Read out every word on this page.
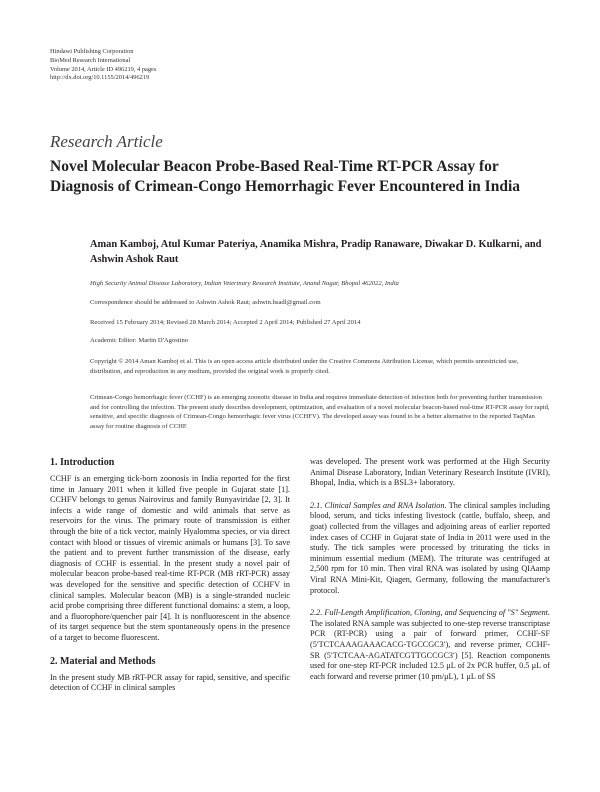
Hindawi Publishing Corporation
BioMed Research International
Volume 2014, Article ID 496219, 4 pages
http://dx.doi.org/10.1155/2014/496219
Research Article
Novel Molecular Beacon Probe-Based Real-Time RT-PCR Assay for Diagnosis of Crimean-Congo Hemorrhagic Fever Encountered in India
Aman Kamboj, Atul Kumar Pateriya, Anamika Mishra, Pradip Ranaware, Diwakar D. Kulkarni, and Ashwin Ashok Raut
High Security Animal Disease Laboratory, Indian Veterinary Research Institute, Anand Nagar, Bhopal 462022, India
Correspondence should be addressed to Ashwin Ashok Raut; ashwin.hsadl@gmail.com
Received 15 February 2014; Revised 28 March 2014; Accepted 2 April 2014; Published 27 April 2014
Academic Editor: Martin D'Agostino
Copyright © 2014 Aman Kamboj et al. This is an open access article distributed under the Creative Commons Attribution License, which permits unrestricted use, distribution, and reproduction in any medium, provided the original work is properly cited.
Crimean-Congo hemorrhagic fever (CCHF) is an emerging zoonotic disease in India and requires immediate detection of infection both for preventing further transmission and for controlling the infection. The present study describes development, optimization, and evaluation of a novel molecular beacon-based real-time RT-PCR assay for rapid, sensitive, and specific diagnosis of Crimean-Congo hemorrhagic fever virus (CCHFV). The developed assay was found to be a better alternative to the reported TaqMan assay for routine diagnosis of CCHF.
1. Introduction

CCHF is an emerging tick-born zoonosis in India reported for the first time in January 2011 when it killed five people in Gujarat state [1]. CCHFV belongs to genus Nairovirus and family Bunyaviridae [2, 3]. It infects a wide range of domestic and wild animals that serve as reservoirs for the virus. The primary route of transmission is either through the bite of a tick vector, mainly Hyalomma species, or via direct contact with blood or tissues of viremic animals or humans [3]. To save the patient and to prevent further transmission of the disease, early diagnosis of CCHF is essential. In the present study a novel pair of molecular beacon probe-based real-time RT-PCR (MB rRT-PCR) assay was developed for the sensitive and specific detection of CCHFV in clinical samples. Molecular beacon (MB) is a single-stranded nucleic acid probe comprising three different functional domains: a stem, a loop, and a fluorophore/quencher pair [4]. It is nonfluorescent in the absence of its target sequence but the stem spontaneously opens in the presence of a target to become fluorescent.

2. Material and Methods

In the present study MB rRT-PCR assay for rapid, sensitive, and specific detection of CCHF in clinical samples

was developed. The present work was performed at the High Security Animal Disease Laboratory, Indian Veterinary Research Institute (IVRI), Bhopal, India, which is a BSL3+ laboratory.

2.1. Clinical Samples and RNA Isolation. The clinical samples including blood, serum, and ticks infesting livestock (cattle, buffalo, sheep, and goat) collected from the villages and adjoining areas of earlier reported index cases of CCHF in Gujarat state of India in 2011 were used in the study. The tick samples were processed by triturating the ticks in minimum essential medium (MEM). The triturate was centrifuged at 2,500 rpm for 10 min. Then viral RNA was isolated by using QIAamp Viral RNA Mini-Kit, Qiagen, Germany, following the manufacturer's protocol.

2.2. Full-Length Amplification, Cloning, and Sequencing of "S" Segment. The isolated RNA sample was subjected to one-step reverse transcriptase PCR (RT-PCR) using a pair of forward primer, CCHF-SF (5′TCTCAAAGAAACACG-TGCCGC3′), and reverse primer, CCHF-SR (5′TCTCAA-AGATATCGTTGCCGC3′) [5]. Reaction components used for one-step RT-PCR included 12.5 μL of 2x PCR buffer, 0.5 μL of each forward and reverse primer (10 pm/μL), 1 μL of SS
